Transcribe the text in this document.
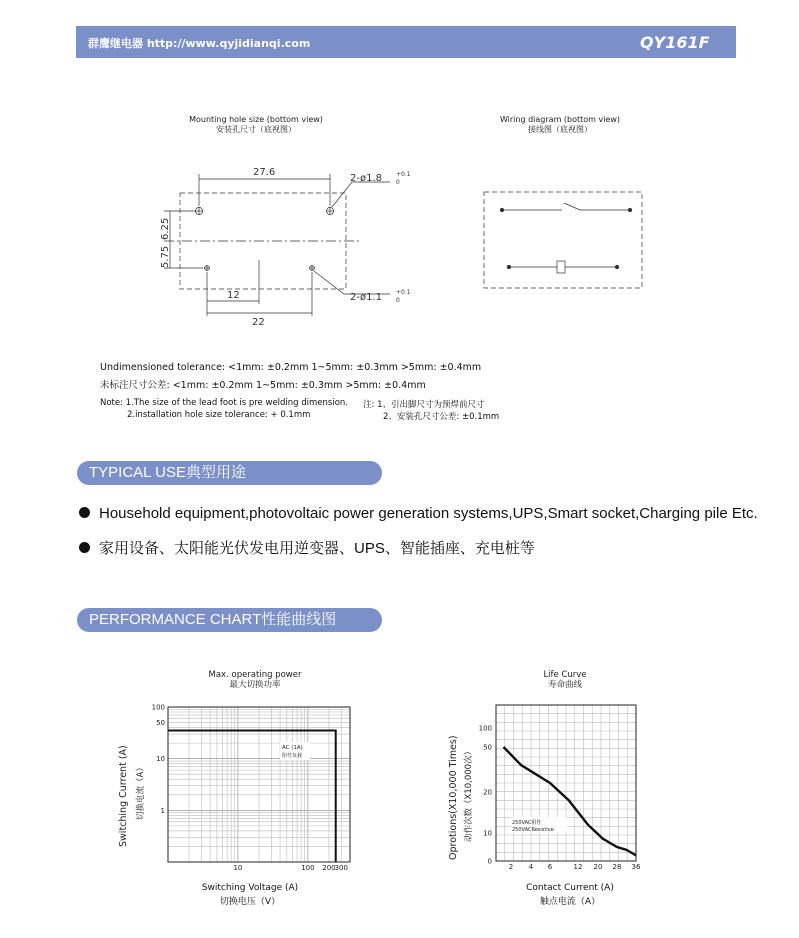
群鹰继电器 http://www.qyjidianqi.com	QY161F
Mounting hole size (bottom view)
安装孔尺寸（底视图）
27.6
2-ø1.8 +0.1
0
6.25
5.75
12
22
2-ø1.1 +0.1
0
Wiring diagram (bottom view)
接线图（底视图）
Undimensioned tolerance: <1mm: ±0.2mm 1~5mm: ±0.3mm >5mm: ±0.4mm
未标注尺寸公差: <1mm: ±0.2mm 1~5mm: ±0.3mm >5mm: ±0.4mm
Note: 1.The size of the lead foot is pre welding dimension.
2.installation hole size tolerance: + 0.1mm
注: 1、引出脚尺寸为预焊前尺寸
2、安装孔尺寸公差: ±0.1mm
TYPICAL USE典型用途
Household equipment,photovoltaic power generation systems,UPS,Smart socket,Charging pile Etc.
家用设备、太阳能光伏发电用逆变器、UPS、智能插座、充电桩等
PERFORMANCE CHART性能曲线图
Max. operating power
最大切换功率
10	100 200
300
100
50
10
1
AC (1A)
阻性负载
Switching Current (A) 切换电流（A）
Switching Voltage (A)
切换电压（V）
Life Curve
寿命曲线
2 4 6	12 20 28 36
100
50
20
10
0
250VAC阻性
250VACResistive
Oprotions(X10,000 Times) 动作次数（X10,000次）
Contact Current (A)
触点电流（A）
